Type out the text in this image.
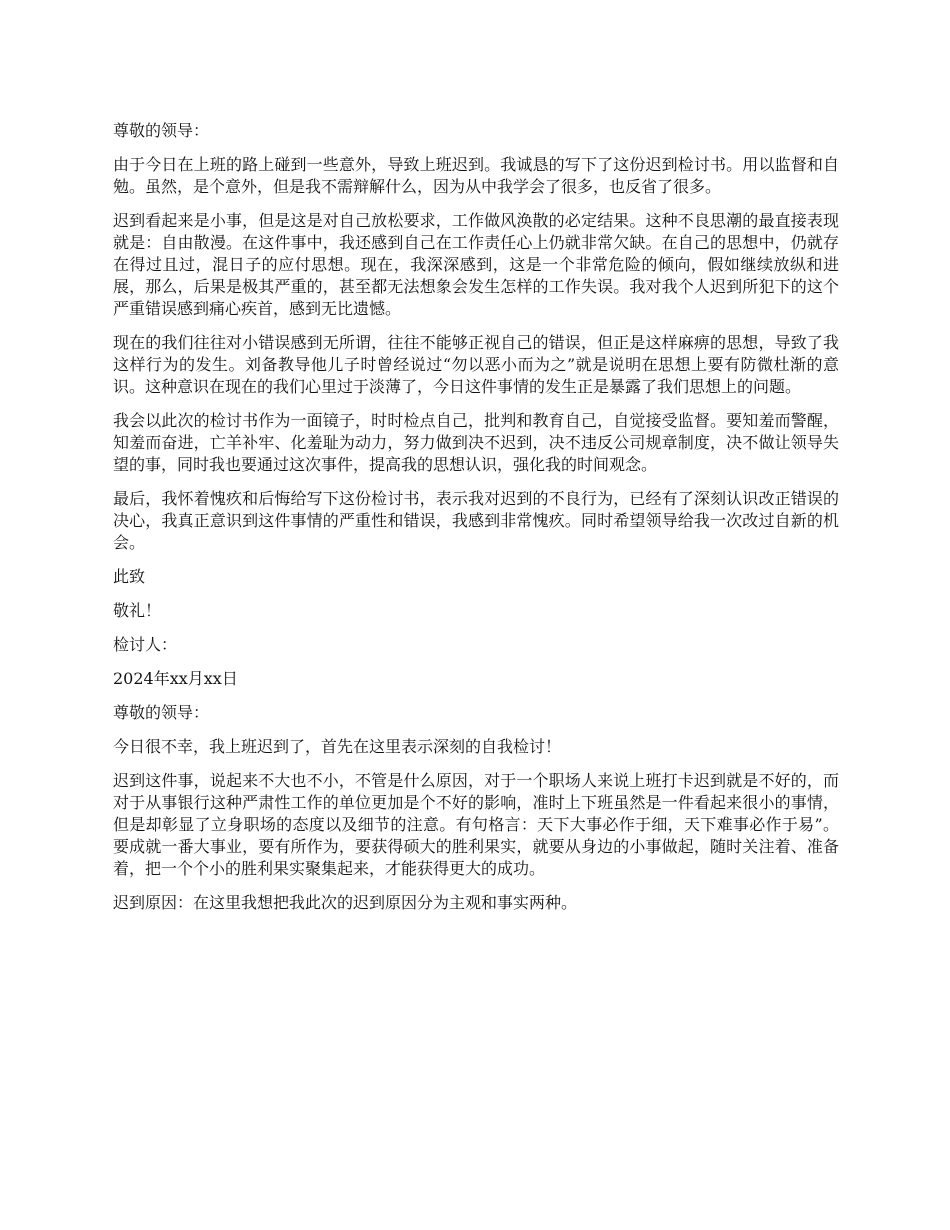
尊敬的领导：

由于今日在上班的路上碰到一些意外，导致上班迟到。我诚恳的写下了这份迟到检讨书。用以监督和自勉。虽然，是个意外，但是我不需辩解什么，因为从中我学会了很多，也反省了很多。

迟到看起来是小事，但是这是对自己放松要求，工作做风涣散的必定结果。这种不良思潮的最直接表现就是：自由散漫。在这件事中，我还感到自己在工作责任心上仍就非常欠缺。在自己的思想中，仍就存在得过且过，混日子的应付思想。现在，我深深感到，这是一个非常危险的倾向，假如继续放纵和进展，那么，后果是极其严重的，甚至都无法想象会发生怎样的工作失误。我对我个人迟到所犯下的这个严重错误感到痛心疾首，感到无比遗憾。

现在的我们往往对小错误感到无所谓，往往不能够正视自己的错误，但正是这样麻痹的思想，导致了我这样行为的发生。刘备教导他儿子时曾经说过“勿以恶小而为之”就是说明在思想上要有防微杜渐的意识。这种意识在现在的我们心里过于淡薄了，今日这件事情的发生正是暴露了我们思想上的问题。

我会以此次的检讨书作为一面镜子，时时检点自己，批判和教育自己，自觉接受监督。要知羞而警醒，知羞而奋进，亡羊补牢、化羞耻为动力，努力做到决不迟到，决不违反公司规章制度，决不做让领导失望的事，同时我也要通过这次事件，提高我的思想认识，强化我的时间观念。

最后，我怀着愧疚和后悔给写下这份检讨书，表示我对迟到的不良行为，已经有了深刻认识改正错误的决心，我真正意识到这件事情的严重性和错误，我感到非常愧疚。同时希望领导给我一次改过自新的机会。

此致

敬礼！

检讨人：

2024年xx月xx日

尊敬的领导：

今日很不幸，我上班迟到了，首先在这里表示深刻的自我检讨！

迟到这件事，说起来不大也不小，不管是什么原因，对于一个职场人来说上班打卡迟到就是不好的，而对于从事银行这种严肃性工作的单位更加是个不好的影响，准时上下班虽然是一件看起来很小的事情，但是却彰显了立身职场的态度以及细节的注意。有句格言：天下大事必作于细，天下难事必作于易”。要成就一番大事业，要有所作为，要获得硕大的胜利果实，就要从身边的小事做起，随时关注着、准备着，把一个个小的胜利果实聚集起来，才能获得更大的成功。

迟到原因：在这里我想把我此次的迟到原因分为主观和事实两种。
